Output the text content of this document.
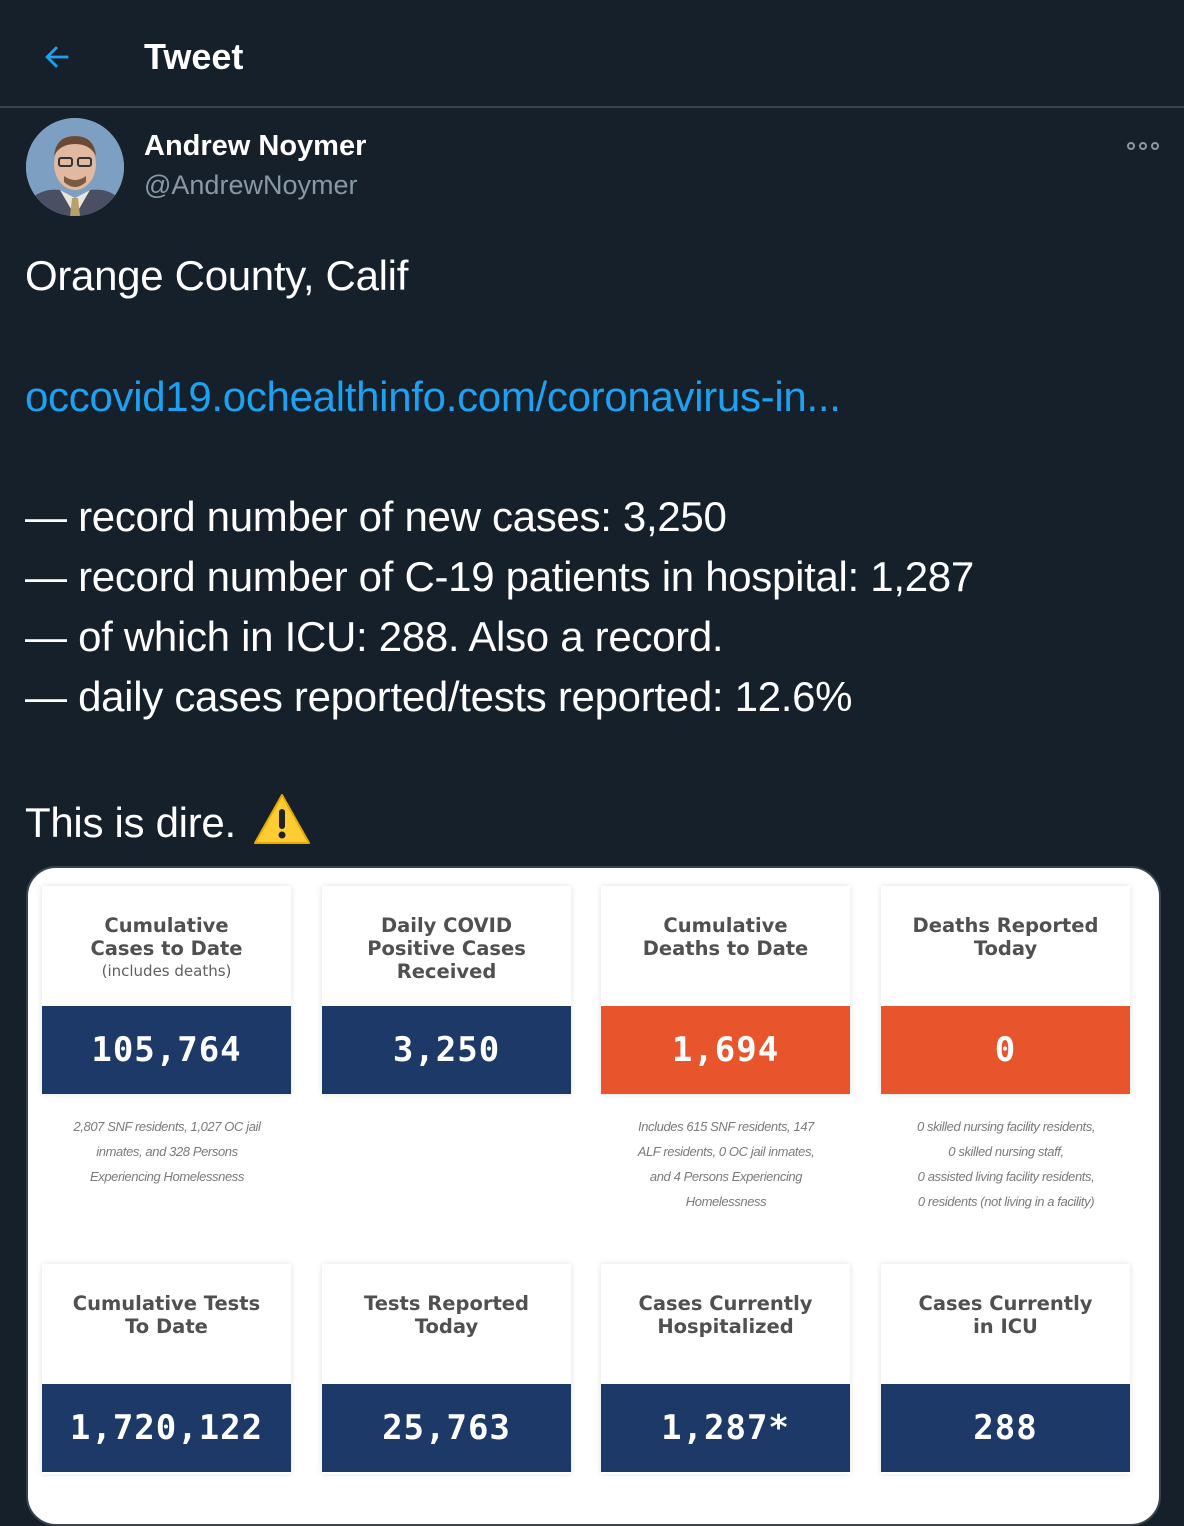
Tweet
Andrew Noymer
@AndrewNoymer
Orange County, Calif
occovid19.ochealthinfo.com/coronavirus-in...
— record number of new cases: 3,250
— record number of C-19 patients in hospital: 1,287
— of which in ICU: 288. Also a record.
— daily cases reported/tests reported: 12.6%
This is dire.
Cumulative
Cases to Date
(includes deaths)
105,764
2,807 SNF residents, 1,027 OC jail
inmates, and 328 Persons
Experiencing Homelessness
Daily COVID
Positive Cases
Received
3,250
Cumulative
Deaths to Date
1,694
Includes 615 SNF residents, 147
ALF residents, 0 OC jail inmates,
and 4 Persons Experiencing
Homelessness
Deaths Reported
Today
0
0 skilled nursing facility residents,
0 skilled nursing staff,
0 assisted living facility residents,
0 residents (not living in a facility)
Cumulative Tests
To Date
1,720,122
Tests Reported
Today
25,763
Cases Currently
Hospitalized
1,287*
Cases Currently
in ICU
288
